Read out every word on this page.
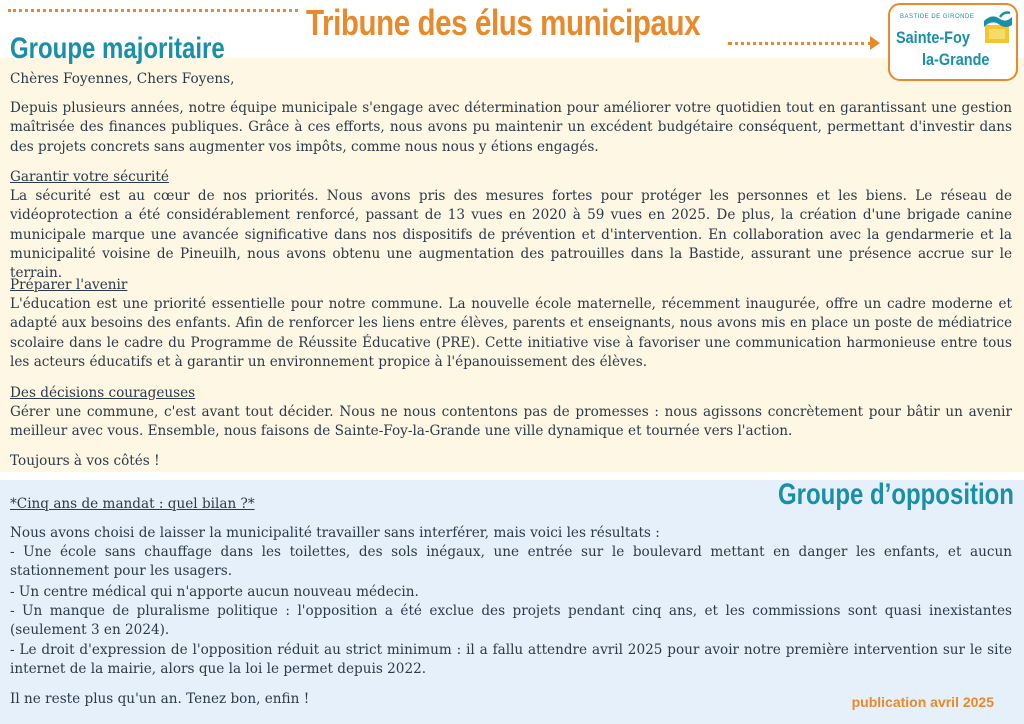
Tribune des élus municipaux	BASTIDE DE GIRONDE
Sainte-Foy
la-Grande
Groupe majoritaire

Chères Foyennes, Chers Foyens,

Depuis plusieurs années, notre équipe municipale s'engage avec détermination pour améliorer votre quotidien tout en garantissant une gestion maîtrisée des finances publiques. Grâce à ces efforts, nous avons pu maintenir un excédent budgétaire conséquent, permettant d'investir dans des projets concrets sans augmenter vos impôts, comme nous nous y étions engagés.

Garantir votre sécurité

La sécurité est au cœur de nos priorités. Nous avons pris des mesures fortes pour protéger les personnes et les biens. Le réseau de vidéoprotection a été considérablement renforcé, passant de 13 vues en 2020 à 59 vues en 2025. De plus, la création d'une brigade canine municipale marque une avancée significative dans nos dispositifs de prévention et d'intervention. En collaboration avec la gendarmerie et la municipalité voisine de Pineuilh, nous avons obtenu une augmentation des patrouilles dans la Bastide, assurant une présence accrue sur le terrain.

Préparer l'avenir

L'éducation est une priorité essentielle pour notre commune. La nouvelle école maternelle, récemment inaugurée, offre un cadre moderne et adapté aux besoins des enfants. Afin de renforcer les liens entre élèves, parents et enseignants, nous avons mis en place un poste de médiatrice scolaire dans le cadre du Programme de Réussite Éducative (PRE). Cette initiative vise à favoriser une communication harmonieuse entre tous les acteurs éducatifs et à garantir un environnement propice à l'épanouissement des élèves.

Des décisions courageuses

Gérer une commune, c'est avant tout décider. Nous ne nous contentons pas de promesses : nous agissons concrètement pour bâtir un avenir meilleur avec vous. Ensemble, nous faisons de Sainte-Foy-la-Grande une ville dynamique et tournée vers l'action.

Toujours à vos côtés !

Groupe d’opposition

*Cinq ans de mandat : quel bilan ?*

Nous avons choisi de laisser la municipalité travailler sans interférer, mais voici les résultats :

- Une école sans chauffage dans les toilettes, des sols inégaux, une entrée sur le boulevard mettant en danger les enfants, et aucun stationnement pour les usagers.

- Un centre médical qui n'apporte aucun nouveau médecin.

- Un manque de pluralisme politique : l'opposition a été exclue des projets pendant cinq ans, et les commissions sont quasi inexistantes (seulement 3 en 2024).

- Le droit d'expression de l'opposition réduit au strict minimum : il a fallu attendre avril 2025 pour avoir notre première intervention sur le site internet de la mairie, alors que la loi le permet depuis 2022.

Il ne reste plus qu'un an. Tenez bon, enfin !	publication avril 2025
